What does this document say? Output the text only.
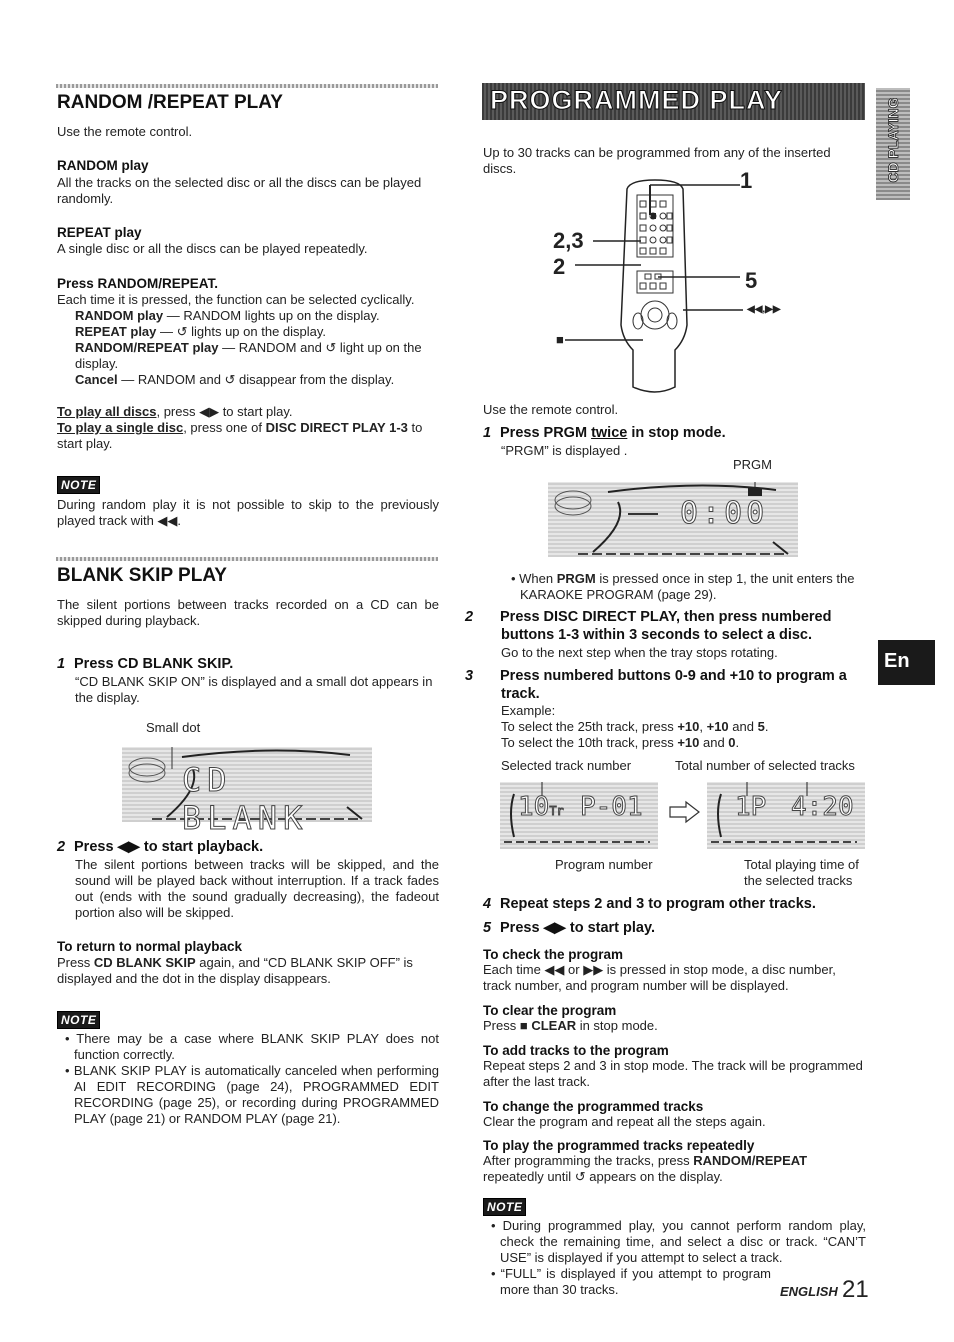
RANDOM /REPEAT PLAY
Use the remote control.
RANDOM play
All the tracks on the selected disc or all the discs can be played randomly.
REPEAT play
A single disc or all the discs can be played repeatedly.
Press RANDOM/REPEAT.
Each time it is pressed, the function can be selected cyclically.
RANDOM play — RANDOM lights up on the display.
REPEAT play — ↺ lights up on the display.
RANDOM/REPEAT play — RANDOM and ↺ light up on the display.
Cancel — RANDOM and ↺ disappear from the display.
To play all discs, press ◀▶ to start play.
To play a single disc, press one of DISC DIRECT PLAY 1-3 to start play.
NOTE
During random play it is not possible to skip to the previously played track with ◀◀.
BLANK SKIP PLAY
The silent portions between tracks recorded on a CD can be skipped during playback.
1 Press CD BLANK SKIP.
“CD BLANK SKIP ON” is displayed and a small dot appears in the display.
Small dot
CD BLANK
2 Press ◀▶ to start playback.
The silent portions between tracks will be skipped, and the sound will be played back without interruption. If a track fades out (ends with the sound gradually decreasing), the fadeout portion also will be skipped.
To return to normal playback
Press CD BLANK SKIP again, and “CD BLANK SKIP OFF” is displayed and the dot in the display disappears.
NOTE
• There may be a case where BLANK SKIP PLAY does not function correctly.
• BLANK SKIP PLAY is automatically canceled when performing AI EDIT RECORDING (page 24), PROGRAMMED EDIT RECORDING (page 25), or recording during PROGRAMMED PLAY (page 21) or RANDOM PLAY (page 21).
PROGRAMMED PLAY
Up to 30 tracks can be programmed from any of the inserted discs.	1
2,3
2
5
◀◀,▶▶
■
Use the remote control.
1 Press PRGM twice in stop mode.
“PRGM” is displayed .
PRGM
0:00
• When PRGM is pressed once in step 1, the unit enters the KARAOKE PROGRAM (page 29).
2 Press DISC DIRECT PLAY, then press numbered buttons 1-3 within 3 seconds to select a disc.
Go to the next step when the tray stops rotating.
3 Press numbered buttons 0-9 and +10 to program a track.
Example:
To select the 25th track, press +10, +10 and 5.
To select the 10th track, press +10 and 0.
Selected track number	Total number of selected tracks
10Tr P-01	1P 4:20
Program number	Total playing time of the selected tracks
4 Repeat steps 2 and 3 to program other tracks.
5 Press ◀▶ to start play.
To check the program
Each time ◀◀ or ▶▶ is pressed in stop mode, a disc number, track number, and program number will be displayed.
To clear the program
Press ■ CLEAR in stop mode.
To add tracks to the program
Repeat steps 2 and 3 in stop mode. The track will be programmed after the last track.
To change the programmed tracks
Clear the program and repeat all the steps again.
To play the programmed tracks repeatedly
After programming the tracks, press RANDOM/REPEAT repeatedly until ↺ appears on the display.
NOTE
• During programmed play, you cannot perform random play, check the remaining time, and select a disc or track. “CAN’T USE” is displayed if you attempt to select a track.
• “FULL” is displayed if you attempt to program more than 30 tracks.
CD PLAYING
En
ENGLISH 21
